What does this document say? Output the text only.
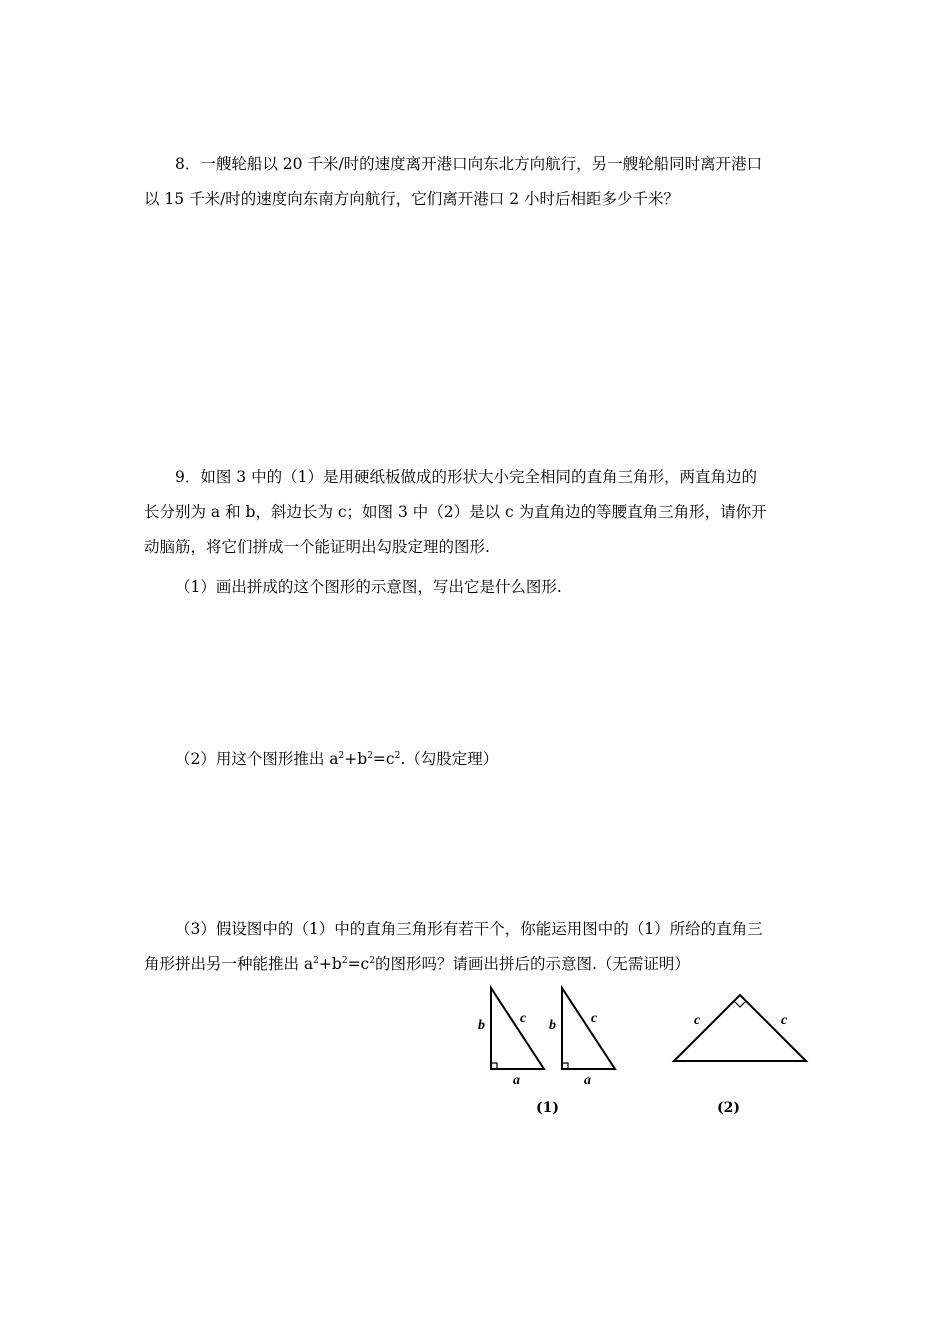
8．一艘轮船以 20 千米/时的速度离开港口向东北方向航行，另一艘轮船同时离开港口
以 15 千米/时的速度向东南方向航行，它们离开港口 2 小时后相距多少千米？

9．如图 3 中的（1）是用硬纸板做成的形状大小完全相同的直角三角形，两直角边的
长分别为 a 和 b，斜边长为 c；如图 3 中（2）是以 c 为直角边的等腰直角三角形，请你开
动脑筋，将它们拼成一个能证明出勾股定理的图形.

（1）画出拼成的这个图形的示意图，写出它是什么图形.
（2）用这个图形推出 $a^2+b^2=c^2$.（勾股定理）

（3）假设图中的（1）中的直角三角形有若干个，你能运用图中的（1）所给的直角三
角形拼出另一种能推出 $a^2+b^2=c^2$的图形吗？请画出拼后的示意图.（无需证明）

b	c
a
b	c
a
(1)
c	c
(2)
